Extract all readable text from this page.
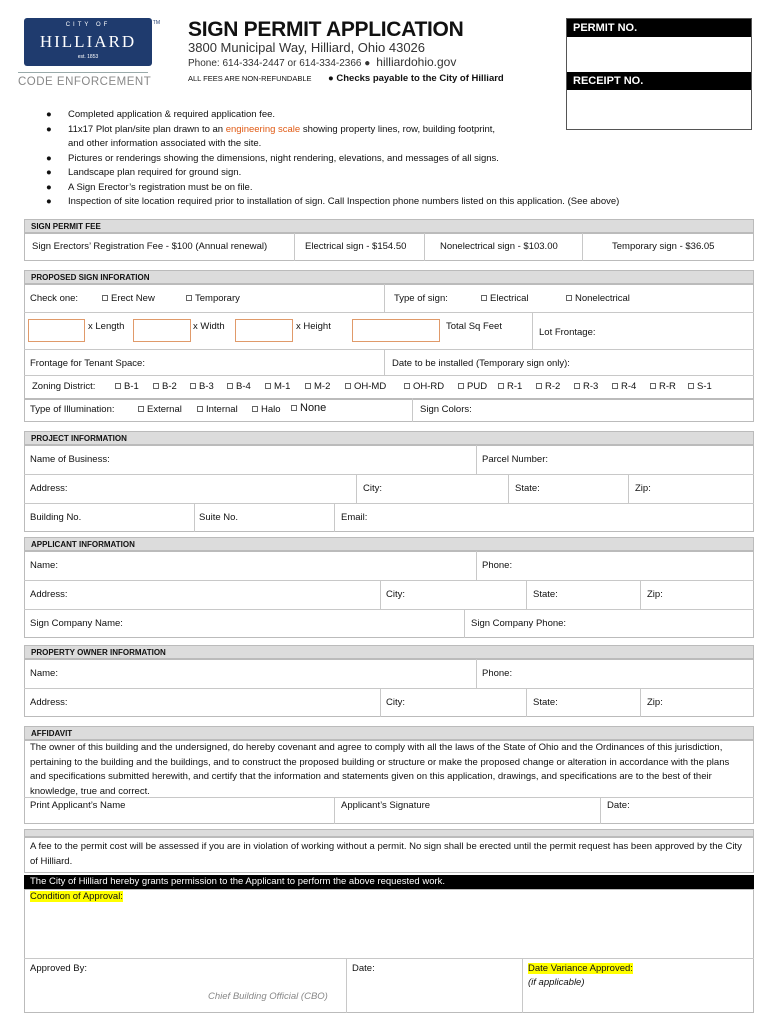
CITY OF
HILLIARD
est. 1853
TM
CODE ENFORCEMENT
SIGN PERMIT APPLICATION
3800 Municipal Way, Hilliard, Ohio 43026
Phone: 614-334-2447 or 614-334-2366 ● hilliardohio.gov
ALL FEES ARE NON-REFUNDABLE ● Checks payable to the City of Hilliard
PERMIT NO.
RECEIPT NO.
● Completed application & required application fee.
● 11x17 Plot plan/site plan drawn to an engineering scale showing property lines, row, building footprint,
and other information associated with the site.
● Pictures or renderings showing the dimensions, night rendering, elevations, and messages of all signs.
● Landscape plan required for ground sign.
● A Sign Erector’s registration must be on file.
● Inspection of site location required prior to installation of sign. Call Inspection phone numbers listed on this application. (See above)
SIGN PERMIT FEE
Sign Erectors’ Registration Fee - $100 (Annual renewal)	Electrical sign - $154.50	Nonelectrical sign - $103.00	Temporary sign - $36.05
PROPOSED SIGN INFORATION
Check one:	Erect New	Temporary	Type of sign:	Electrical	Nonelectrical
x Length	x Width	x Height	Total Sq Feet
Lot Frontage:
Frontage for Tenant Space:	Date to be installed (Temporary sign only):
Zoning District:	B-1	B-2	B-3	B-4	M-1	M-2	OH-MD	OH-RD	PUD	R-1	R-2	R-3	R-4	R-R	S-1
Type of Illumination:	External	Internal	Halo	None	Sign Colors:
PROJECT INFORMATION
Name of Business:	Parcel Number:
Address:	City:	State:	Zip:
Building No.	Suite No.	Email:
APPLICANT INFORMATION
Name:	Phone:
Address:	City:	State:	Zip:
Sign Company Name:	Sign Company Phone:
PROPERTY OWNER INFORMATION
Name:	Phone:
Address:	City:	State:	Zip:
AFFIDAVIT
The owner of this building and the undersigned, do hereby covenant and agree to comply with all the laws of the State of Ohio and the Ordinances of this jurisdiction, pertaining to the building and the buildings, and to construct the proposed building or structure or make the proposed change or alteration in accordance with the plans and specifications submitted herewith, and certify that the information and statements given on this application, drawings, and specifications are to the best of their knowledge, true and correct.
Print Applicant’s Name	Applicant’s Signature	Date:
A fee to the permit cost will be assessed if you are in violation of working without a permit. No sign shall be erected until the permit request has been approved by the City of Hilliard.
The City of Hilliard hereby grants permission to the Applicant to perform the above requested work.
Condition of Approval:
Approved By:	Date:	Date Variance Approved:
(if applicable)
Chief Building Official (CBO)
